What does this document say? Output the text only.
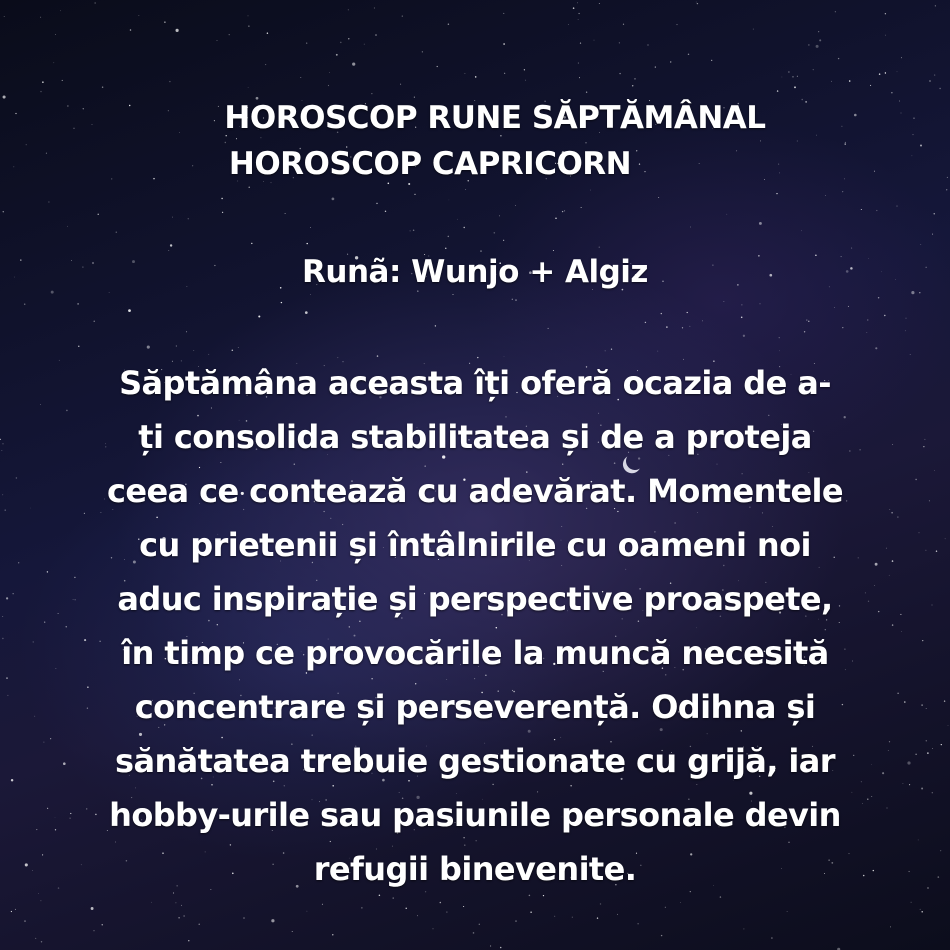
HOROSCOP RUNE SĂPTĂMÂNAL
HOROSCOP CAPRICORN
Runã: Wunjo + Algiz
Săptămâna aceasta îți oferă ocazia de a-
ți consolida stabilitatea și de a proteja
ceea ce contează cu adevărat. Momentele
cu prietenii și întâlnirile cu oameni noi
aduc inspirație și perspective proaspete,
în timp ce provocările la muncă necesită
concentrare și perseverență. Odihna și
sănătatea trebuie gestionate cu grijă, iar
hobby-urile sau pasiunile personale devin
refugii binevenite.
